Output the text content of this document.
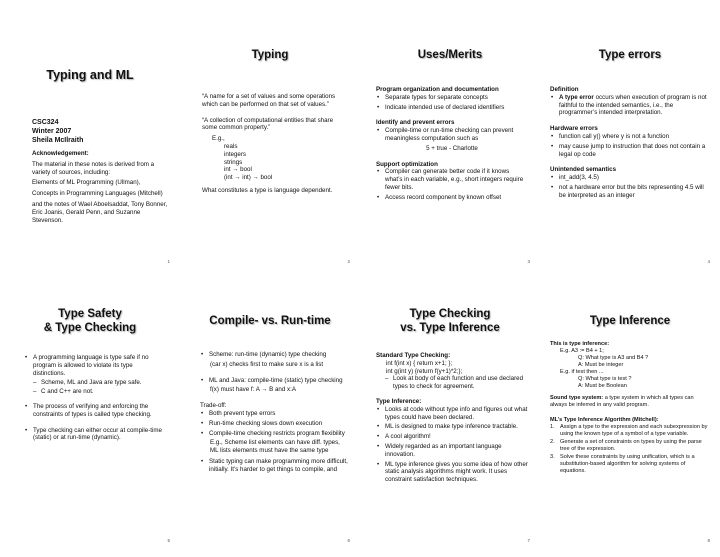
Typing and ML
CSC324
Winter 2007
Sheila McIlraith
Acknowledgement:
The material in these notes is derived from a variety of sources, including:
Elements of ML Programming (Ullman),
Concepts in Programming Languages (Mitchell)
and the notes of Wael Aboelsaddat, Tony Bonner, Eric Joanis, Gerald Penn, and Suzanne Stevenson.
1
Typing
“A name for a set of values and some operations which can be performed on that set of values.”
“A collection of computational entities that share some common property.”
E.g.,
reals
integers
strings
int → bool
(int → int) → bool
What constitutes a type is language dependent.
2
Uses/Merits
Program organization and documentation
• Separate types for separate concepts
• Indicate intended use of declared identifiers
Identify and prevent errors
• Compile-time or run-time checking can prevent meaningless computation such as
5 + true - Charlotte
Support optimization
• Compiler can generate better code if it knows what’s in each variable, e.g., short integers require fewer bits.
• Access record component by known offset
3
Type errors
Definition
• A type error occurs when execution of program is not faithful to the intended semantics, i.e., the programmer’s intended interpretation.
Hardware errors
• function call y() where y is not a function
• may cause jump to instruction that does not contain a legal op code
Unintended semantics
• int_add(3, 4.5)
• not a hardware error but the bits representing 4.5 will be interpreted as an integer
4
Type Safety
& Type Checking
• A programming language is type safe if no program is allowed to violate its type distinctions.
– Scheme, ML and Java are type safe.
– C and C++ are not.
• The process of verifying and enforcing the constraints of types is called type checking.
• Type checking can either occur at compile-time (static) or at run-time (dynamic).
5
Compile- vs. Run-time
• Scheme: run-time (dynamic) type checking
(car x) checks first to make sure x is a list
• ML and Java: compile-time (static) type checking
f(x) must have f: A → B and x:A
Trade-off:
• Both prevent type errors
• Run-time checking slows down execution
• Compile-time checking restricts program flexibility
E.g., Scheme list elements can have diff. types, ML lists elements must have the same type
• Static typing can make programming more difficult, initially. It’s harder to get things to compile, and
6
Type Checking
vs. Type Inference
Standard Type Checking:
int f(int x) { return x+1; };
int g(int y) {return f(y+1)*2;};
– Look at body of each function and use declared types to check for agreement.
Type Inference:
• Looks at code without type info and figures out what types could have been declared.
• ML is designed to make type inference tractable.
• A cool algorithm!
• Widely regarded as an important language innovation.
• ML type inference gives you some idea of how other static analysis algorithms might work. It uses constraint satisfaction techniques.
7
Type Inference
This is type inference:
E.g. A3 := B4 + 1;
Q: What type is A3 and B4 ?
A: Must be integer
E.g. if test then ...
Q: What type is test ?
A: Must be Boolean
Sound type system: a type system in which all types can always be inferred in any valid program.
ML’s Type Inference Algorithm (Mitchell):
1. Assign a type to the expression and each subexpression by using the known type of a symbol of a type variable.
2. Generate a set of constraints on types by using the parse tree of the expression.
3. Solve these constraints by using unification, which is a substitution-based algorithm for solving systems of equations.
8
